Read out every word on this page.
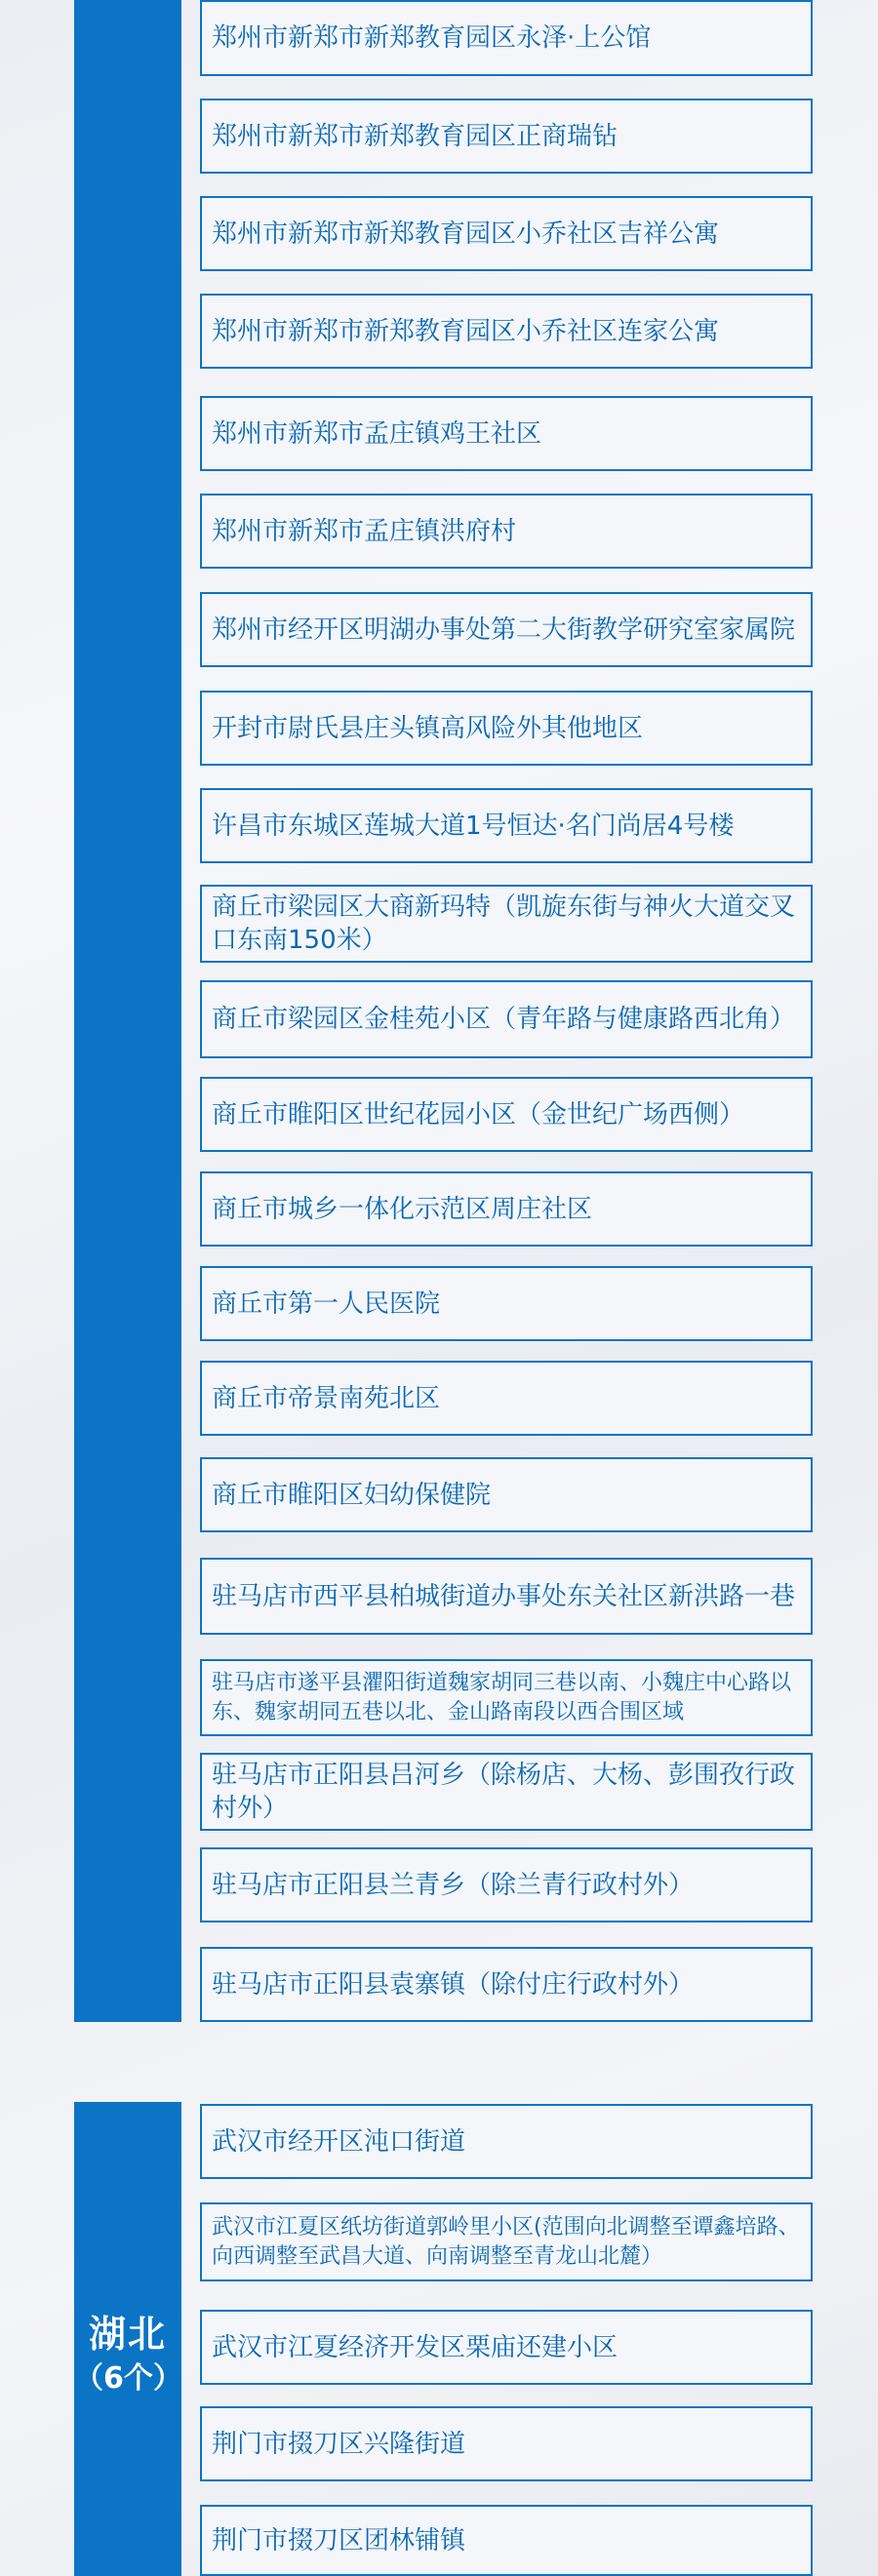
湖北
（6个）
郑州市新郑市新郑教育园区永泽·上公馆
郑州市新郑市新郑教育园区正商瑞钻
郑州市新郑市新郑教育园区小乔社区吉祥公寓
郑州市新郑市新郑教育园区小乔社区连家公寓
郑州市新郑市孟庄镇鸡王社区
郑州市新郑市孟庄镇洪府村
郑州市经开区明湖办事处第二大街教学研究室家属院
开封市尉氏县庄头镇高风险外其他地区
许昌市东城区莲城大道1号恒达·名门尚居4号楼
商丘市梁园区大商新玛特（凯旋东街与神火大道交叉口东南150米）
商丘市梁园区金桂苑小区（青年路与健康路西北角）
商丘市睢阳区世纪花园小区（金世纪广场西侧）
商丘市城乡一体化示范区周庄社区
商丘市第一人民医院
商丘市帝景南苑北区
商丘市睢阳区妇幼保健院
驻马店市西平县柏城街道办事处东关社区新洪路一巷
驻马店市遂平县灈阳街道魏家胡同三巷以南、小魏庄中心路以东、魏家胡同五巷以北、金山路南段以西合围区域
驻马店市正阳县吕河乡（除杨店、大杨、彭围孜行政村外）
驻马店市正阳县兰青乡（除兰青行政村外）
驻马店市正阳县袁寨镇（除付庄行政村外）
武汉市经开区沌口街道
武汉市江夏区纸坊街道郭岭里小区(范围向北调整至谭鑫培路、向西调整至武昌大道、向南调整至青龙山北麓）
武汉市江夏经济开发区栗庙还建小区
荆门市掇刀区兴隆街道
荆门市掇刀区团林铺镇
